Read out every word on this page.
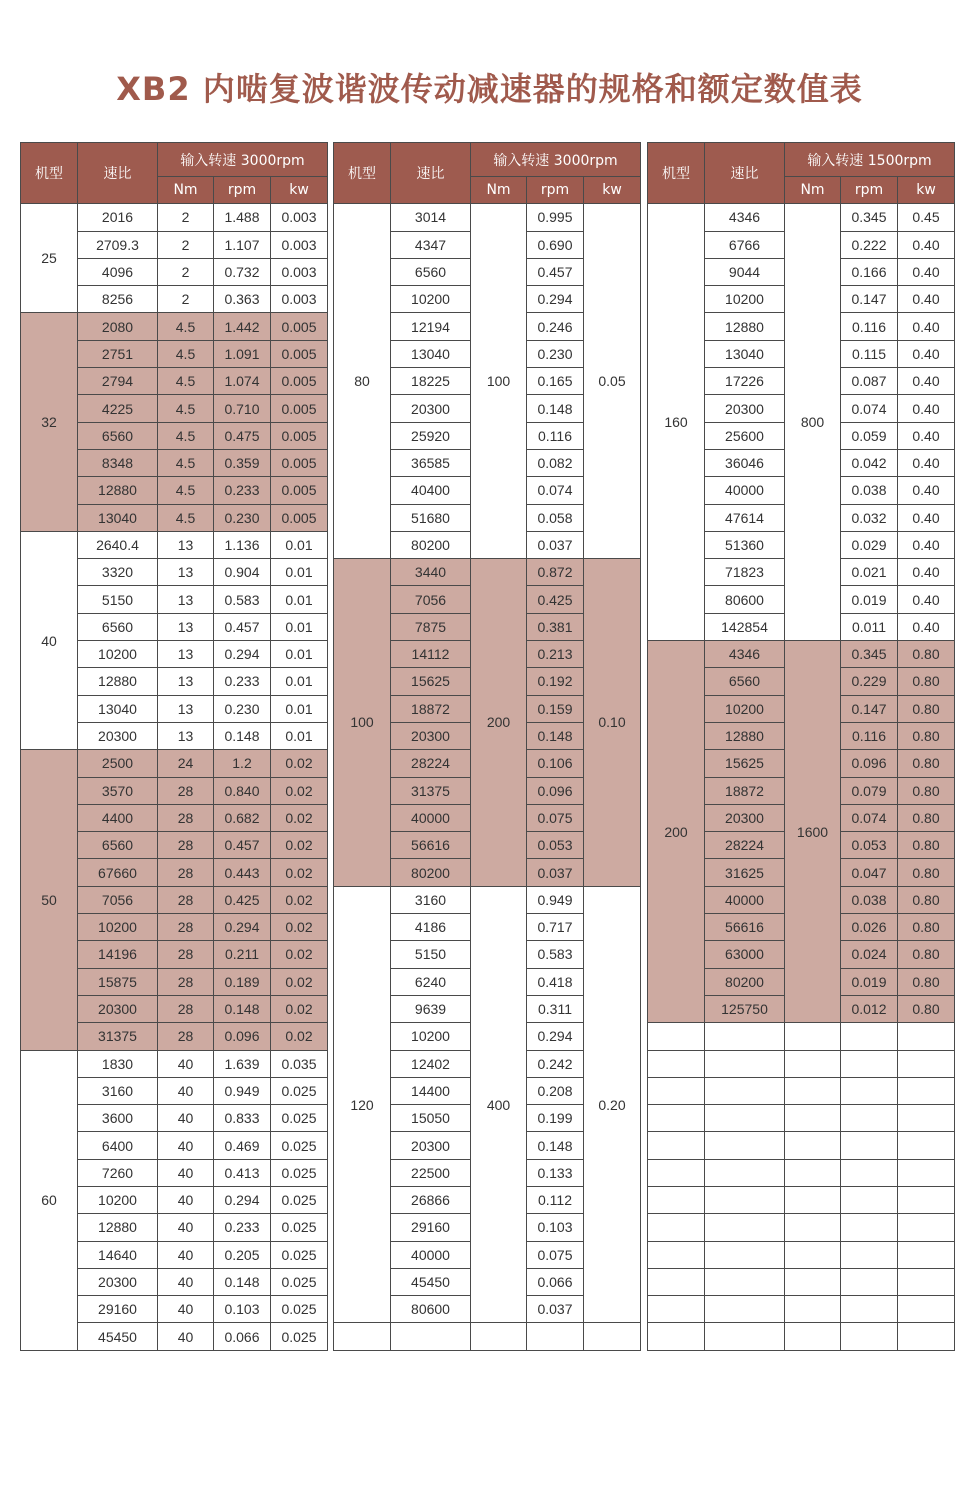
XB2 内啮复波谐波传动减速器的规格和额定数值表
机型	速比	输入转速 3000rpm		
		Nm	rpm	kw
25	2016	2	1.488	0.003
	2709.3	2	1.107	0.003
	4096	2	0.732	0.003
	8256	2	0.363	0.003
32	2080	4.5	1.442	0.005
	2751	4.5	1.091	0.005
	2794	4.5	1.074	0.005
	4225	4.5	0.710	0.005
	6560	4.5	0.475	0.005
	8348	4.5	0.359	0.005
	12880	4.5	0.233	0.005
	13040	4.5	0.230	0.005
40	2640.4	13	1.136	0.01
	3320	13	0.904	0.01
	5150	13	0.583	0.01
	6560	13	0.457	0.01
	10200	13	0.294	0.01
	12880	13	0.233	0.01
	13040	13	0.230	0.01
	20300	13	0.148	0.01
50	2500	24	1.2	0.02
	3570	28	0.840	0.02
	4400	28	0.682	0.02
	6560	28	0.457	0.02
	67660	28	0.443	0.02
	7056	28	0.425	0.02
	10200	28	0.294	0.02
	14196	28	0.211	0.02
	15875	28	0.189	0.02
	20300	28	0.148	0.02
	31375	28	0.096	0.02
60	1830	40	1.639	0.035
	3160	40	0.949	0.025
	3600	40	0.833	0.025
	6400	40	0.469	0.025
	7260	40	0.413	0.025
	10200	40	0.294	0.025
	12880	40	0.233	0.025
	14640	40	0.205	0.025
	20300	40	0.148	0.025
	29160	40	0.103	0.025
	45450	40	0.066	0.025
机型	速比	输入转速 3000rpm		
		Nm	rpm	kw
80	3014	100	0.995	0.05
	4347		0.690	
	6560		0.457	
	10200		0.294	
	12194		0.246	
	13040		0.230	
	18225		0.165	
	20300		0.148	
	25920		0.116	
	36585		0.082	
	40400		0.074	
	51680		0.058	
	80200		0.037	
100	3440	200	0.872	0.10
	7056		0.425	
	7875		0.381	
	14112		0.213	
	15625		0.192	
	18872		0.159	
	20300		0.148	
	28224		0.106	
	31375		0.096	
	40000		0.075	
	56616		0.053	
	80200		0.037	
120	3160	400	0.949	0.20
	4186		0.717	
	5150		0.583	
	6240		0.418	
	9639		0.311	
	10200		0.294	
	12402		0.242	
	14400		0.208	
	15050		0.199	
	20300		0.148	
	22500		0.133	
	26866		0.112	
	29160		0.103	
	40000		0.075	
	45450		0.066	
	80600		0.037	

机型	速比	输入转速 1500rpm		
		Nm	rpm	kw
160	4346	800	0.345	0.45
	6766		0.222	0.40
	9044		0.166	0.40
	10200		0.147	0.40
	12880		0.116	0.40
	13040		0.115	0.40
	17226		0.087	0.40
	20300		0.074	0.40
	25600		0.059	0.40
	36046		0.042	0.40
	40000		0.038	0.40
	47614		0.032	0.40
	51360		0.029	0.40
	71823		0.021	0.40
	80600		0.019	0.40
	142854		0.011	0.40
200	4346	1600	0.345	0.80
	6560		0.229	0.80
	10200		0.147	0.80
	12880		0.116	0.80
	15625		0.096	0.80
	18872		0.079	0.80
	20300		0.074	0.80
	28224		0.053	0.80
	31625		0.047	0.80
	40000		0.038	0.80
	56616		0.026	0.80
	63000		0.024	0.80
	80200		0.019	0.80
	125750		0.012	0.80
